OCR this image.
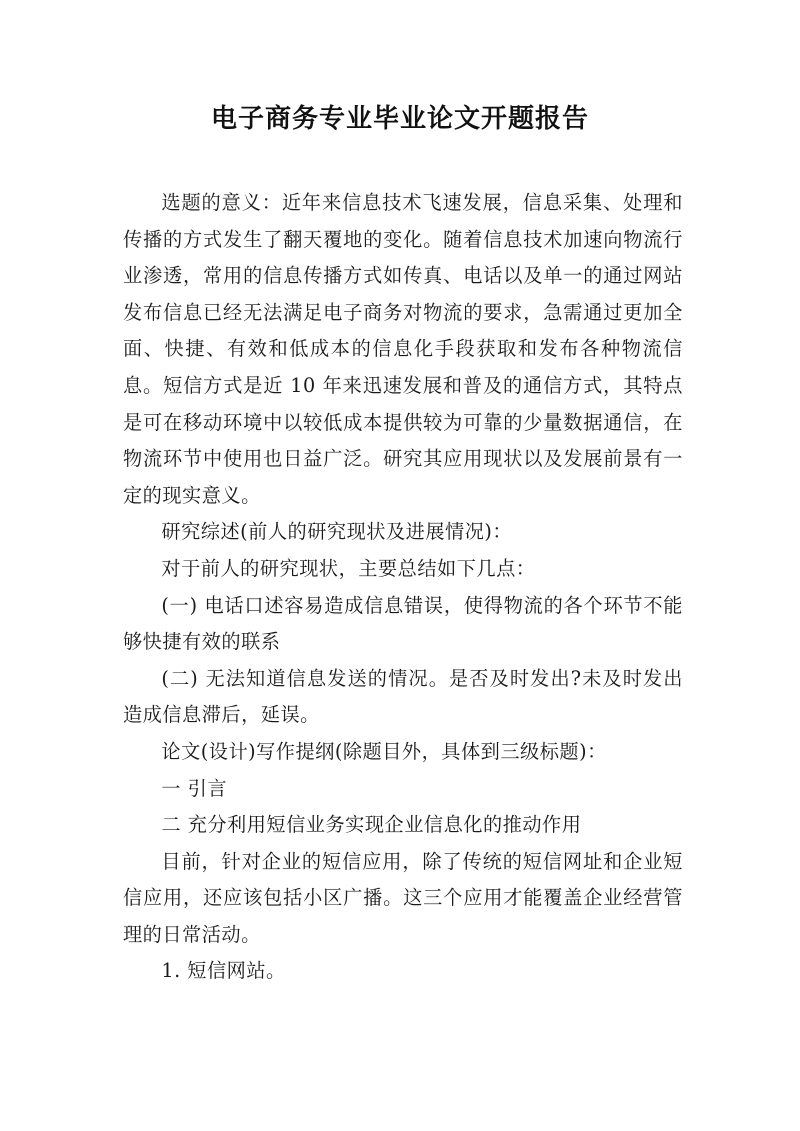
电子商务专业毕业论文开题报告

选题的意义：近年来信息技术飞速发展，信息采集、处理和传播的方式发生了翻天覆地的变化。随着信息技术加速向物流行业渗透，常用的信息传播方式如传真、电话以及单一的通过网站发布信息已经无法满足电子商务对物流的要求，急需通过更加全面、快捷、有效和低成本的信息化手段获取和发布各种物流信息。短信方式是近 10 年来迅速发展和普及的通信方式，其特点是可在移动环境中以较低成本提供较为可靠的少量数据通信，在物流环节中使用也日益广泛。研究其应用现状以及发展前景有一定的现实意义。

研究综述(前人的研究现状及进展情况)：

对于前人的研究现状，主要总结如下几点：

(一) 电话口述容易造成信息错误，使得物流的各个环节不能够快捷有效的联系

(二) 无法知道信息发送的情况。是否及时发出?未及时发出造成信息滞后，延误。

论文(设计)写作提纲(除题目外，具体到三级标题)：

一 引言

二 充分利用短信业务实现企业信息化的推动作用

目前，针对企业的短信应用，除了传统的短信网址和企业短信应用，还应该包括小区广播。这三个应用才能覆盖企业经营管理的日常活动。

1. 短信网站。
